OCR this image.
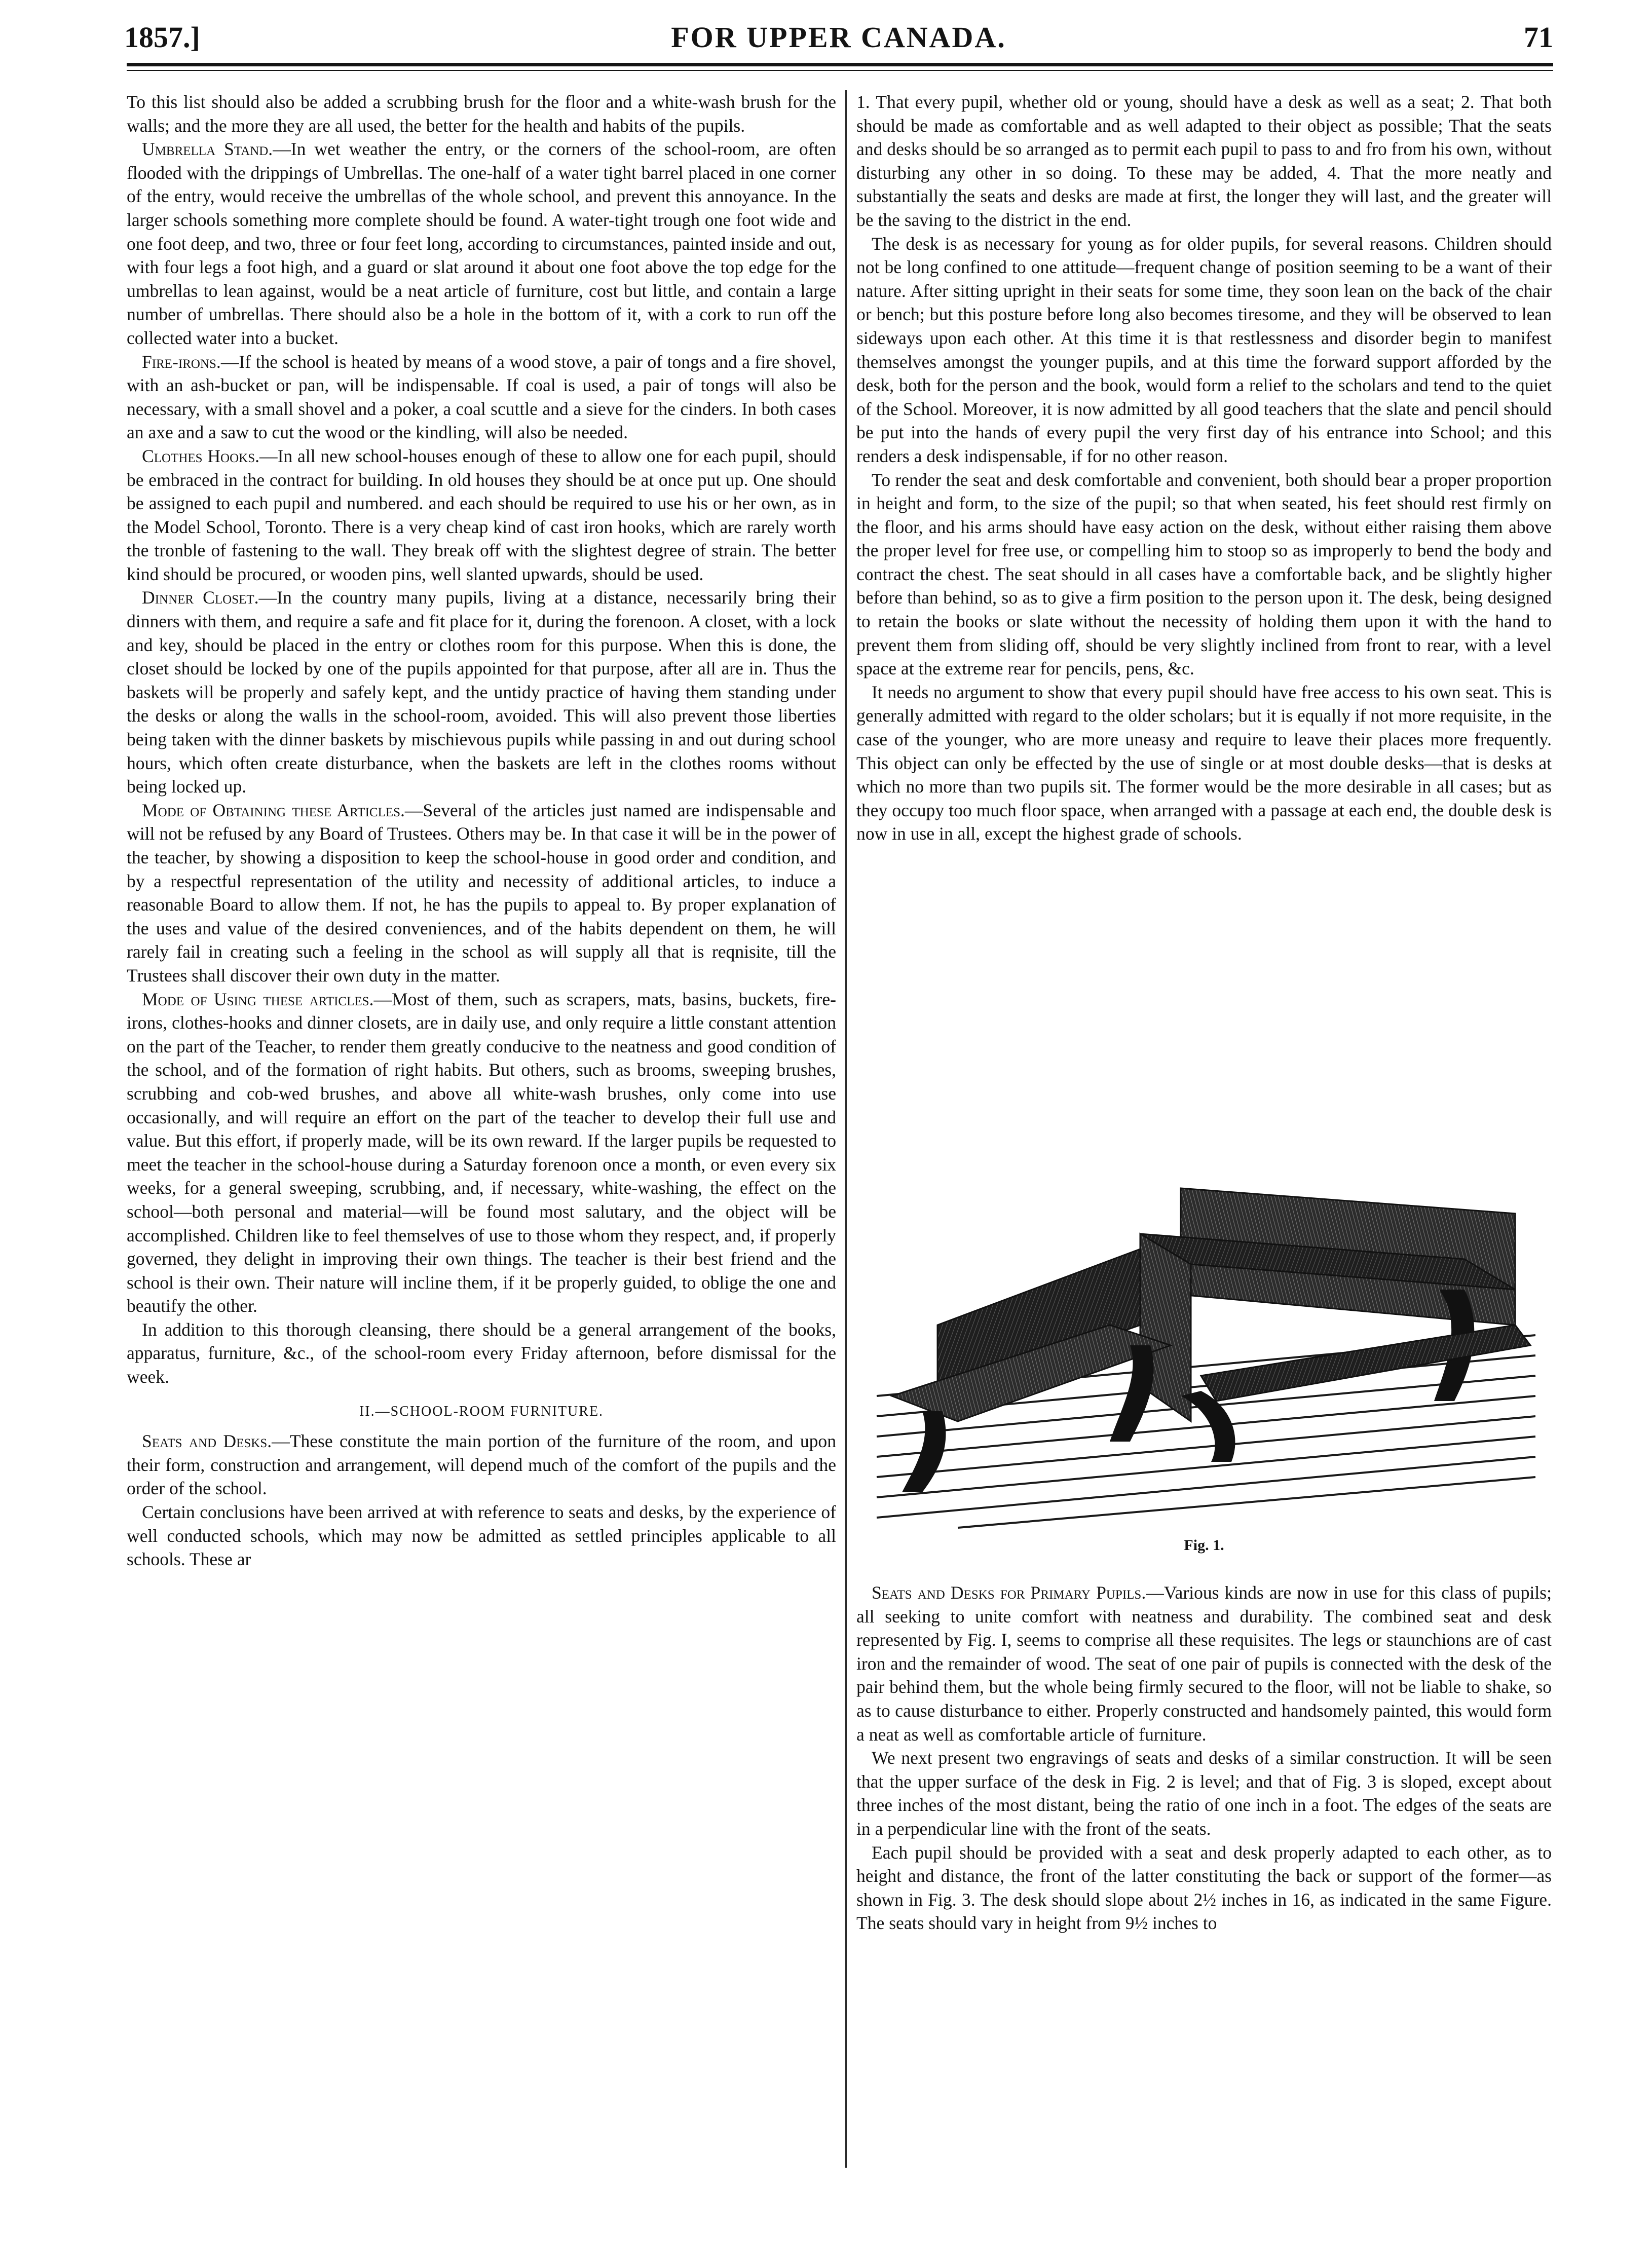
1857.]	FOR UPPER CANADA.	71

To this list should also be added a scrubbing brush for the floor and a white-wash brush for the walls; and the more they are all used, the better for the health and habits of the pupils.

Umbrella Stand.—In wet weather the entry, or the corners of the school-room, are often flooded with the drippings of Umbrellas. The one-half of a water tight barrel placed in one corner of the entry, would receive the umbrellas of the whole school, and prevent this annoyance. In the larger schools something more complete should be found. A water-tight trough one foot wide and one foot deep, and two, three or four feet long, according to circumstances, painted inside and out, with four legs a foot high, and a guard or slat around it about one foot above the top edge for the umbrellas to lean against, would be a neat article of furniture, cost but little, and contain a large number of umbrellas. There should also be a hole in the bottom of it, with a cork to run off the collected water into a bucket.

Fire-irons.—If the school is heated by means of a wood stove, a pair of tongs and a fire shovel, with an ash-bucket or pan, will be indispensable. If coal is used, a pair of tongs will also be necessary, with a small shovel and a poker, a coal scuttle and a sieve for the cinders. In both cases an axe and a saw to cut the wood or the kindling, will also be needed.

Clothes Hooks.—In all new school-houses enough of these to allow one for each pupil, should be embraced in the contract for building. In old houses they should be at once put up. One should be assigned to each pupil and numbered. and each should be required to use his or her own, as in the Model School, Toronto. There is a very cheap kind of cast iron hooks, which are rarely worth the tronble of fastening to the wall. They break off with the slightest degree of strain. The better kind should be procured, or wooden pins, well slanted upwards, should be used.

Dinner Closet.—In the country many pupils, living at a distance, necessarily bring their dinners with them, and require a safe and fit place for it, during the forenoon. A closet, with a lock and key, should be placed in the entry or clothes room for this purpose. When this is done, the closet should be locked by one of the pupils appointed for that purpose, after all are in. Thus the baskets will be properly and safely kept, and the untidy practice of having them standing under the desks or along the walls in the school-room, avoided. This will also prevent those liberties being taken with the dinner baskets by mischievous pupils while passing in and out during school hours, which often create disturbance, when the baskets are left in the clothes rooms without being locked up.

Mode of Obtaining these Articles.—Several of the articles just named are indispensable and will not be refused by any Board of Trustees. Others may be. In that case it will be in the power of the teacher, by showing a disposition to keep the school-house in good order and condition, and by a respectful representation of the utility and necessity of additional articles, to induce a reasonable Board to allow them. If not, he has the pupils to appeal to. By proper explanation of the uses and value of the desired conveniences, and of the habits dependent on them, he will rarely fail in creating such a feeling in the school as will supply all that is reqnisite, till the Trustees shall discover their own duty in the matter.

Mode of Using these articles.—Most of them, such as scrapers, mats, basins, buckets, fire-irons, clothes-hooks and dinner closets, are in daily use, and only require a little constant attention on the part of the Teacher, to render them greatly conducive to the neatness and good condition of the school, and of the formation of right habits. But others, such as brooms, sweeping brushes, scrubbing and cob-wed brushes, and above all white-wash brushes, only come into use occasionally, and will require an effort on the part of the teacher to develop their full use and value. But this effort, if properly made, will be its own reward. If the larger pupils be requested to meet the teacher in the school-house during a Saturday forenoon once a month, or even every six weeks, for a general sweeping, scrubbing, and, if necessary, white-washing, the effect on the school—both personal and material—will be found most salutary, and the object will be accomplished. Children like to feel themselves of use to those whom they respect, and, if properly governed, they delight in improving their own things. The teacher is their best friend and the school is their own. Their nature will incline them, if it be properly guided, to oblige the one and beautify the other.

In addition to this thorough cleansing, there should be a general arrangement of the books, apparatus, furniture, &c., of the school-room every Friday afternoon, before dismissal for the week.

II.—SCHOOL-ROOM FURNITURE.

Seats and Desks.—These constitute the main portion of the furniture of the room, and upon their form, construction and arrangement, will depend much of the comfort of the pupils and the order of the school.

Certain conclusions have been arrived at with reference to seats and desks, by the experience of well conducted schools, which may now be admitted as settled principles applicable to all schools. These ar

1. That every pupil, whether old or young, should have a desk as well as a seat; 2. That both should be made as comfortable and as well adapted to their object as possible; That the seats and desks should be so arranged as to permit each pupil to pass to and fro from his own, without disturbing any other in so doing. To these may be added, 4. That the more neatly and substantially the seats and desks are made at first, the longer they will last, and the greater will be the saving to the district in the end.

The desk is as necessary for young as for older pupils, for several reasons. Children should not be long confined to one attitude—frequent change of position seeming to be a want of their nature. After sitting upright in their seats for some time, they soon lean on the back of the chair or bench; but this posture before long also becomes tiresome, and they will be observed to lean sideways upon each other. At this time it is that restlessness and disorder begin to manifest themselves amongst the younger pupils, and at this time the forward support afforded by the desk, both for the person and the book, would form a relief to the scholars and tend to the quiet of the School. Moreover, it is now admitted by all good teachers that the slate and pencil should be put into the hands of every pupil the very first day of his entrance into School; and this renders a desk indispensable, if for no other reason.

To render the seat and desk comfortable and convenient, both should bear a proper proportion in height and form, to the size of the pupil; so that when seated, his feet should rest firmly on the floor, and his arms should have easy action on the desk, without either raising them above the proper level for free use, or compelling him to stoop so as improperly to bend the body and contract the chest. The seat should in all cases have a comfortable back, and be slightly higher before than behind, so as to give a firm position to the person upon it. The desk, being designed to retain the books or slate without the necessity of holding them upon it with the hand to prevent them from sliding off, should be very slightly inclined from front to rear, with a level space at the extreme rear for pencils, pens, &c.

It needs no argument to show that every pupil should have free access to his own seat. This is generally admitted with regard to the older scholars; but it is equally if not more requisite, in the case of the younger, who are more uneasy and require to leave their places more frequently. This object can only be effected by the use of single or at most double desks—that is desks at which no more than two pupils sit. The former would be the more desirable in all cases; but as they occupy too much floor space, when arranged with a passage at each end, the double desk is now in use in all, except the highest grade of schools.

Fig. 1.

Seats and Desks for Primary Pupils.—Various kinds are now in use for this class of pupils; all seeking to unite comfort with neatness and durability. The combined seat and desk represented by Fig. I, seems to comprise all these requisites. The legs or staunchions are of cast iron and the remainder of wood. The seat of one pair of pupils is connected with the desk of the pair behind them, but the whole being firmly secured to the floor, will not be liable to shake, so as to cause disturbance to either. Properly constructed and handsomely painted, this would form a neat as well as comfortable article of furniture.

We next present two engravings of seats and desks of a similar construction. It will be seen that the upper surface of the desk in Fig. 2 is level; and that of Fig. 3 is sloped, except about three inches of the most distant, being the ratio of one inch in a foot. The edges of the seats are in a perpendicular line with the front of the seats.

Each pupil should be provided with a seat and desk properly adapted to each other, as to height and distance, the front of the latter constituting the back or support of the former—as shown in Fig. 3. The desk should slope about 2½ inches in 16, as indicated in the same Figure. The seats should vary in height from 9½ inches to
